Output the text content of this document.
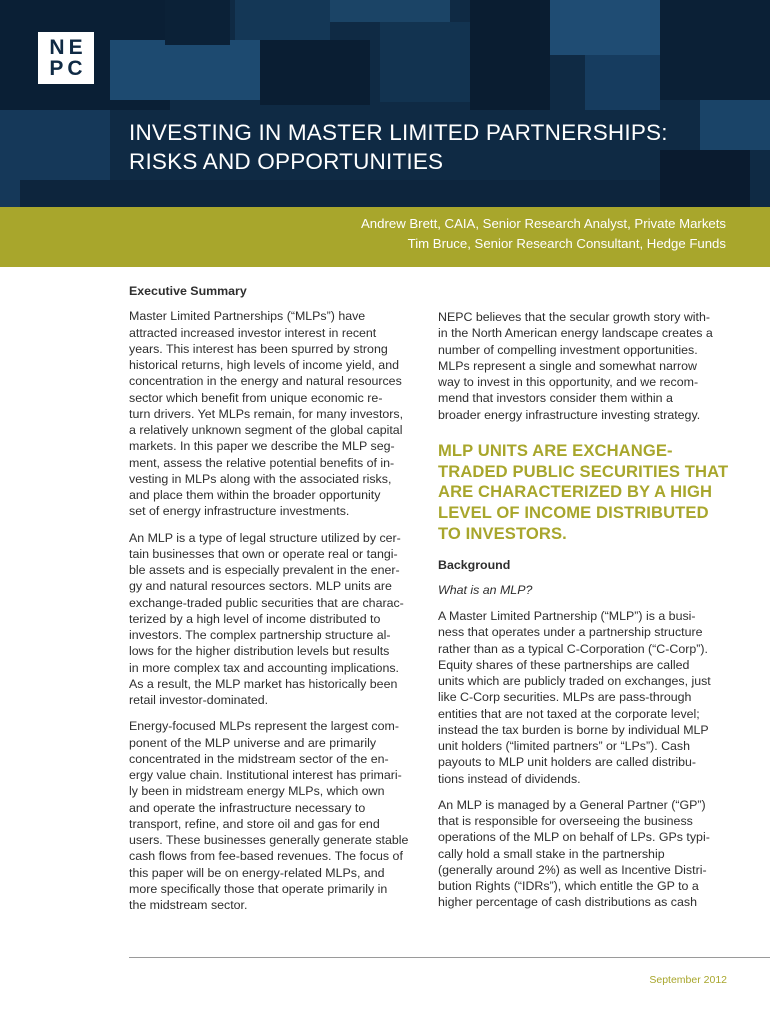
NE
PC
INVESTING IN MASTER LIMITED PARTNERSHIPS:
RISKS AND OPPORTUNITIES
Andrew Brett, CAIA, Senior Research Analyst, Private Markets
Tim Bruce, Senior Research Consultant, Hedge Funds
Executive Summary

Master Limited Partnerships (“MLPs”) have
attracted increased investor interest in recent
years. This interest has been spurred by strong
historical returns, high levels of income yield, and
concentration in the energy and natural resources
sector which benefit from unique economic re-
turn drivers. Yet MLPs remain, for many investors,
a relatively unknown segment of the global capital
markets. In this paper we describe the MLP seg-
ment, assess the relative potential benefits of in-
vesting in MLPs along with the associated risks,
and place them within the broader opportunity
set of energy infrastructure investments.

An MLP is a type of legal structure utilized by cer-
tain businesses that own or operate real or tangi-
ble assets and is especially prevalent in the ener-
gy and natural resources sectors. MLP units are
exchange-traded public securities that are charac-
terized by a high level of income distributed to
investors. The complex partnership structure al-
lows for the higher distribution levels but results
in more complex tax and accounting implications.
As a result, the MLP market has historically been
retail investor-dominated.

Energy-focused MLPs represent the largest com-
ponent of the MLP universe and are primarily
concentrated in the midstream sector of the en-
ergy value chain. Institutional interest has primari-
ly been in midstream energy MLPs, which own
and operate the infrastructure necessary to
transport, refine, and store oil and gas for end
users. These businesses generally generate stable
cash flows from fee-based revenues. The focus of
this paper will be on energy-related MLPs, and
more specifically those that operate primarily in
the midstream sector.

NEPC believes that the secular growth story with-
in the North American energy landscape creates a
number of compelling investment opportunities.
MLPs represent a single and somewhat narrow
way to invest in this opportunity, and we recom-
mend that investors consider them within a
broader energy infrastructure investing strategy.

MLP UNITS ARE EXCHANGE-
TRADED PUBLIC SECURITIES THAT
ARE CHARACTERIZED BY A HIGH
LEVEL OF INCOME DISTRIBUTED
TO INVESTORS.
Background

What is an MLP?

A Master Limited Partnership (“MLP”) is a busi-
ness that operates under a partnership structure
rather than as a typical C-Corporation (“C-Corp”).
Equity shares of these partnerships are called
units which are publicly traded on exchanges, just
like C-Corp securities. MLPs are pass-through
entities that are not taxed at the corporate level;
instead the tax burden is borne by individual MLP
unit holders (“limited partners” or “LPs”). Cash
payouts to MLP unit holders are called distribu-
tions instead of dividends.

An MLP is managed by a General Partner (“GP”)
that is responsible for overseeing the business
operations of the MLP on behalf of LPs. GPs typi-
cally hold a small stake in the partnership
(generally around 2%) as well as Incentive Distri-
bution Rights (“IDRs”), which entitle the GP to a
higher percentage of cash distributions as cash

September 2012
